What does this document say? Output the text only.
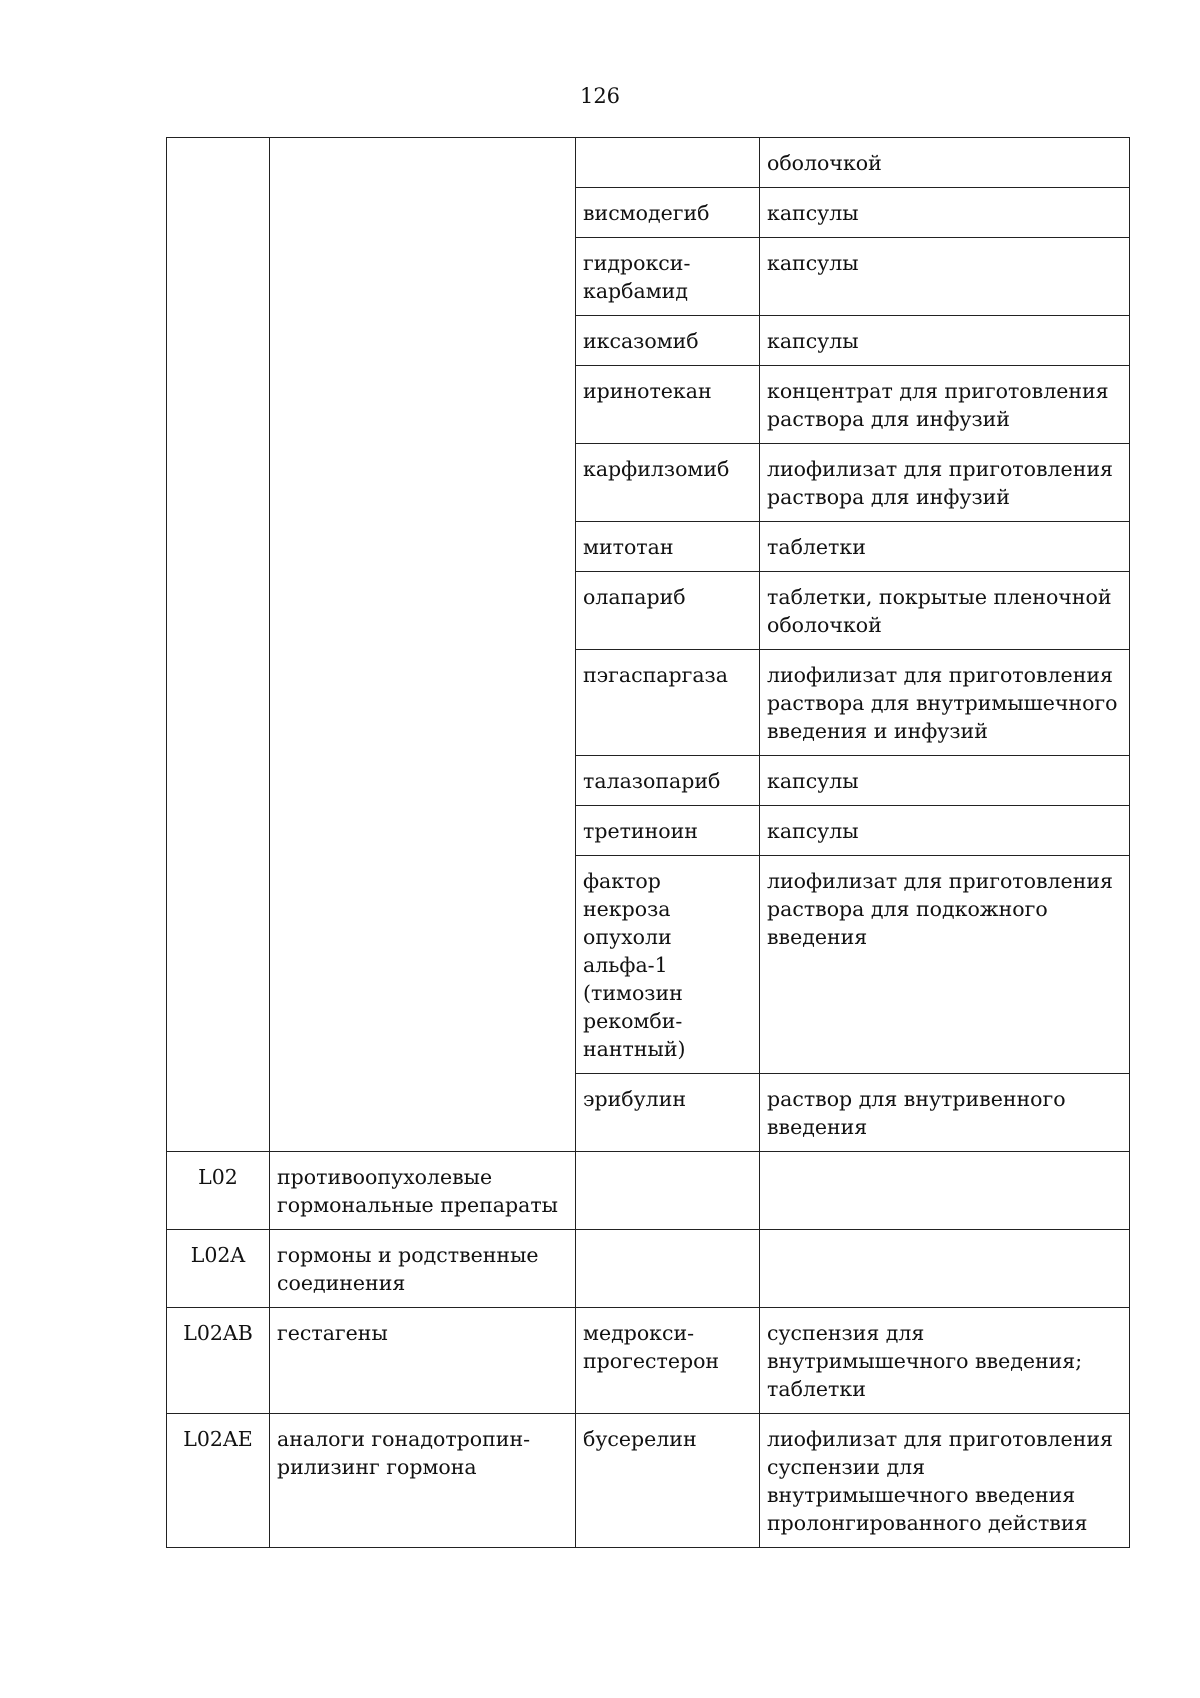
126
			оболочкой
		висмодегиб	капсулы
		гидрокси-
карбамид	капсулы
		иксазомиб	капсулы
		иринотекан	концентрат для приготовления раствора для инфузий
		карфилзомиб	лиофилизат для приготовления раствора для инфузий
		митотан	таблетки
		олапариб	таблетки, покрытые пленочной оболочкой
		пэгаспаргаза	лиофилизат для приготовления раствора для внутримышечного введения и инфузий
		талазопариб	капсулы
		третиноин	капсулы
		фактор некроза опухоли альфа-1 (тимозин рекомби-
нантный)	лиофилизат для приготовления раствора для подкожного введения
		эрибулин	раствор для внутривенного введения
L02	противоопухолевые гормональные препараты		
L02A	гормоны и родственные соединения		
L02AB	гестагены	медрокси-
прогестерон	суспензия для внутримышечного введения;
таблетки
L02AE	аналоги гонадотропин-
рилизинг гормона	бусерелин	лиофилизат для приготовления суспензии для внутримышечного введения пролонгированного действия
